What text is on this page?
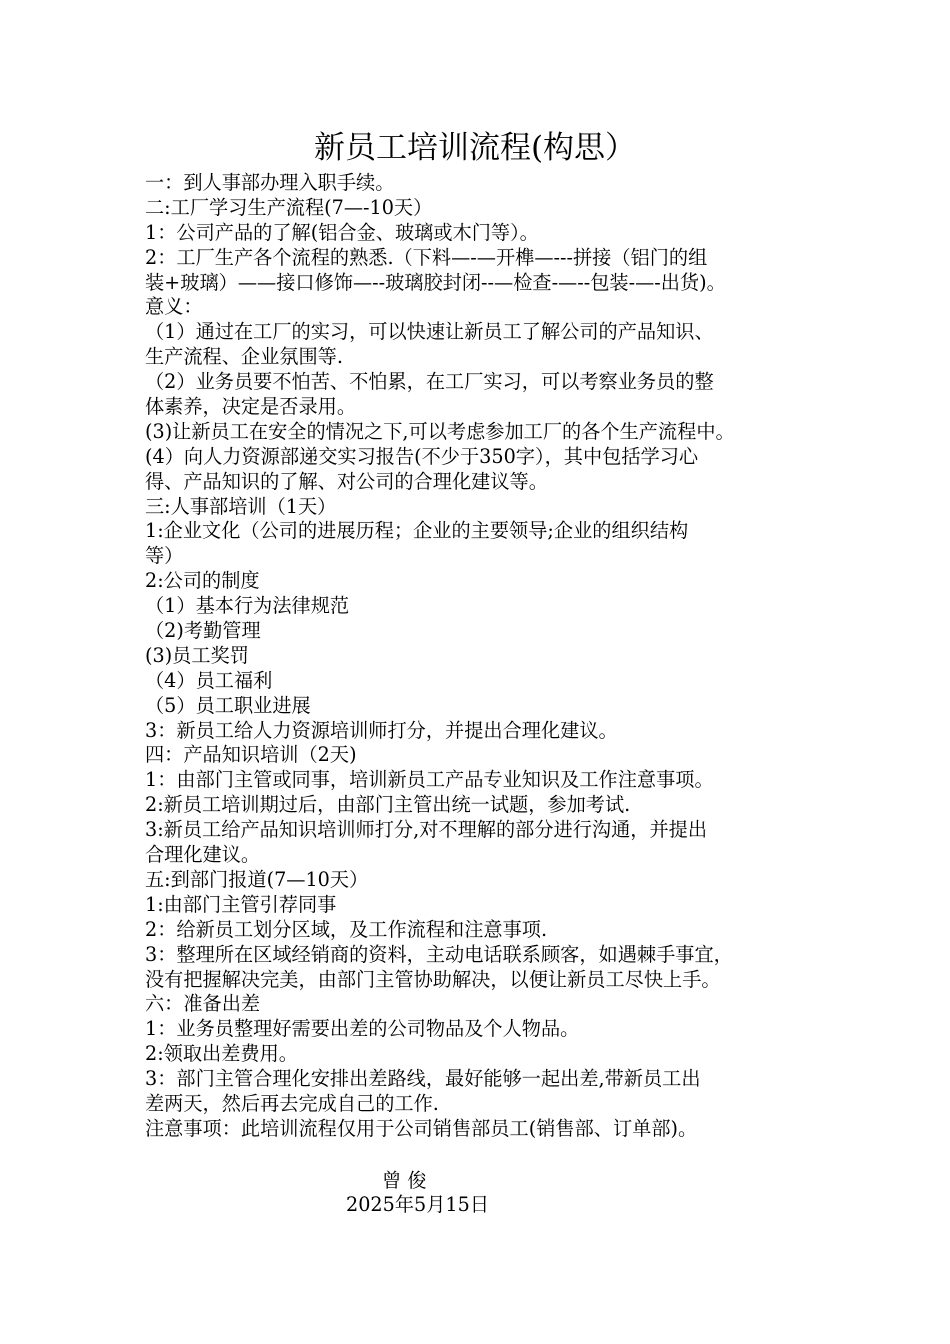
新员工培训流程(构思）
一：到人事部办理入职手续。
二:工厂学习生产流程(7—-10天）
1：公司产品的了解(铝合金、玻璃或木门等）。
2：工厂生产各个流程的熟悉.（下料—-—开榫—---拼接（铝门的组
装+玻璃）——接口修饰—--玻璃胶封闭--—检查-—--包装-—-出货)。
意义：
（1）通过在工厂的实习，可以快速让新员工了解公司的产品知识、
生产流程、企业氛围等.
（2）业务员要不怕苦、不怕累，在工厂实习，可以考察业务员的整
体素养，决定是否录用。
(3)让新员工在安全的情况之下,可以考虑参加工厂的各个生产流程中。
(4）向人力资源部递交实习报告(不少于350字），其中包括学习心
得、产品知识的了解、对公司的合理化建议等。
三:人事部培训（1天）
1:企业文化（公司的进展历程；企业的主要领导;企业的组织结构
等）
2:公司的制度
（1）基本行为法律规范
（2)考勤管理
(3)员工奖罚
（4）员工福利
（5）员工职业进展
3：新员工给人力资源培训师打分，并提出合理化建议。
四：产品知识培训（2天)
1：由部门主管或同事，培训新员工产品专业知识及工作注意事项。
2:新员工培训期过后，由部门主管出统一试题，参加考试.
3:新员工给产品知识培训师打分,对不理解的部分进行沟通，并提出
合理化建议。
五:到部门报道(7—10天）
1:由部门主管引荐同事
2：给新员工划分区域，及工作流程和注意事项.
3：整理所在区域经销商的资料，主动电话联系顾客，如遇棘手事宜，
没有把握解决完美，由部门主管协助解决，以便让新员工尽快上手。
六：准备出差
1：业务员整理好需要出差的公司物品及个人物品。
2:领取出差费用。
3：部门主管合理化安排出差路线，最好能够一起出差,带新员工出
差两天，然后再去完成自己的工作.
注意事项：此培训流程仅用于公司销售部员工(销售部、订单部)。
曾 俊
2025年5月15日
